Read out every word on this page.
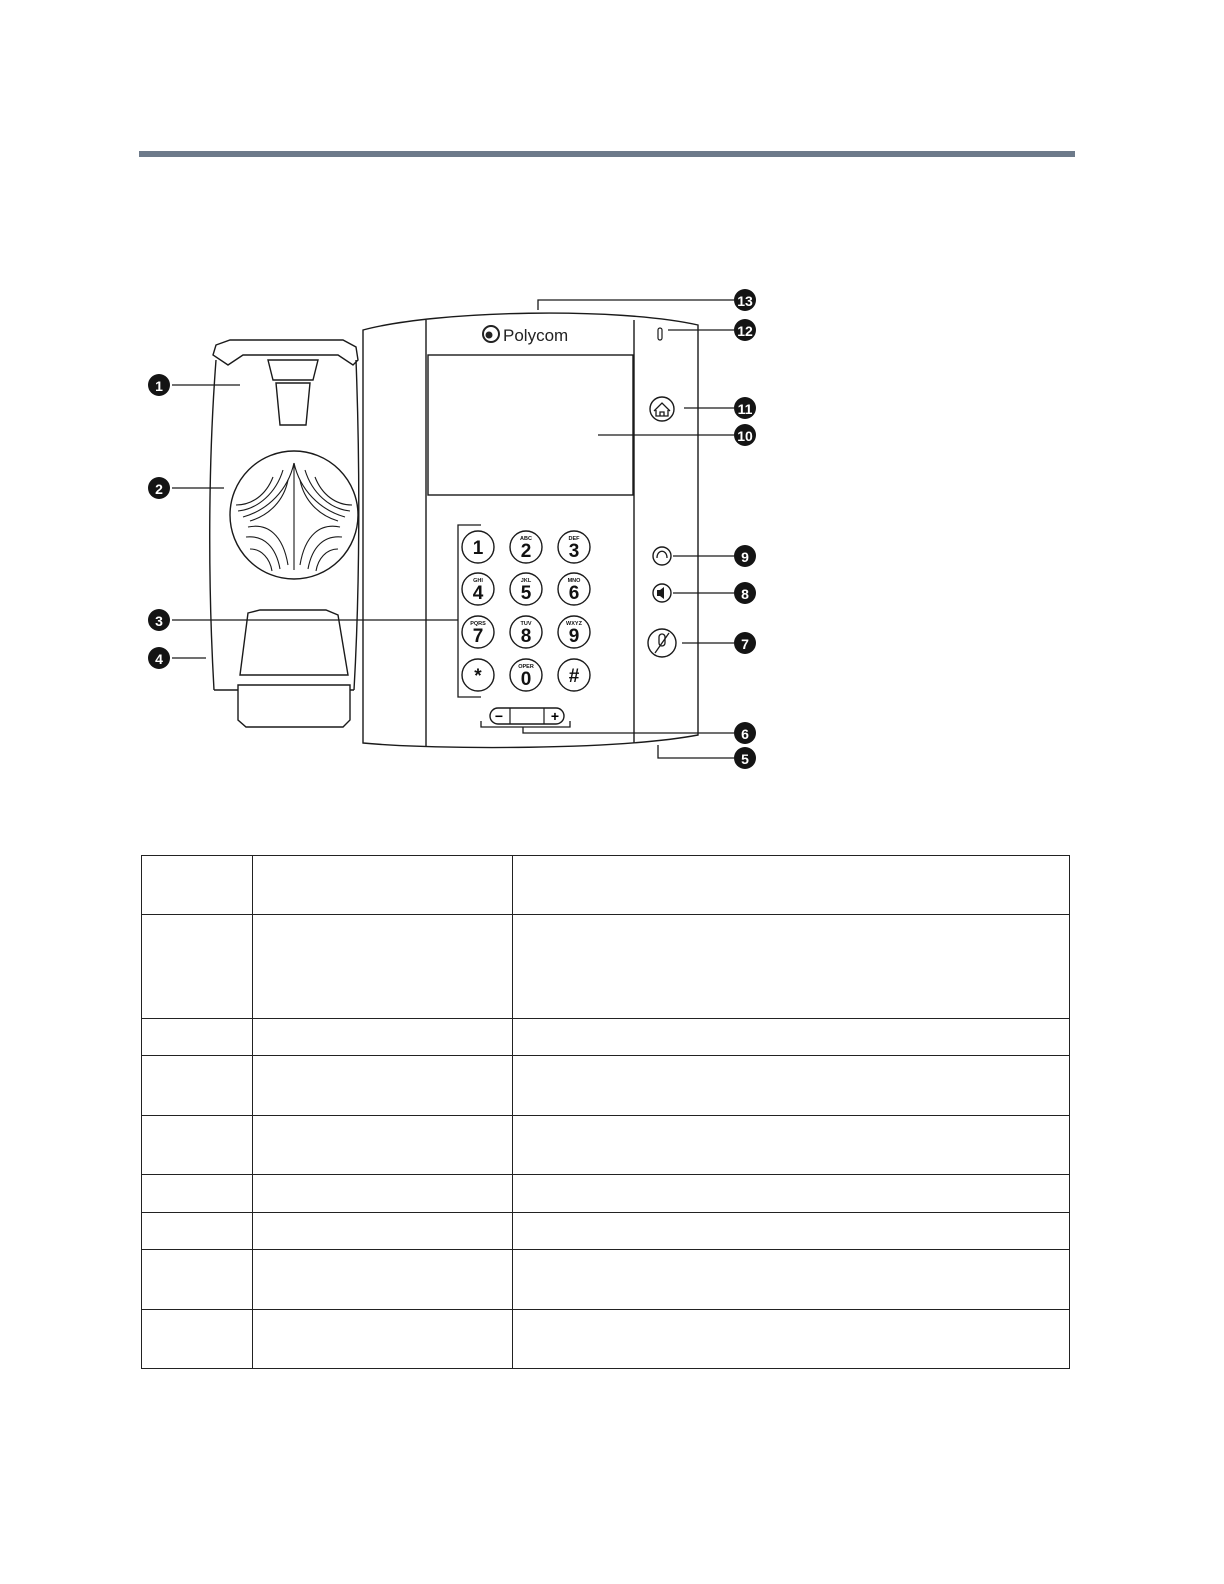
Polycom
−	+
1	ABC
2
DEF
3
GHI
4
JKL
5
MNO
6
PQRS
7
TUV
8
WXYZ
9
*	OPER
0 #
1
2
3
4
5
6
7
8
9
10
11
12
13
